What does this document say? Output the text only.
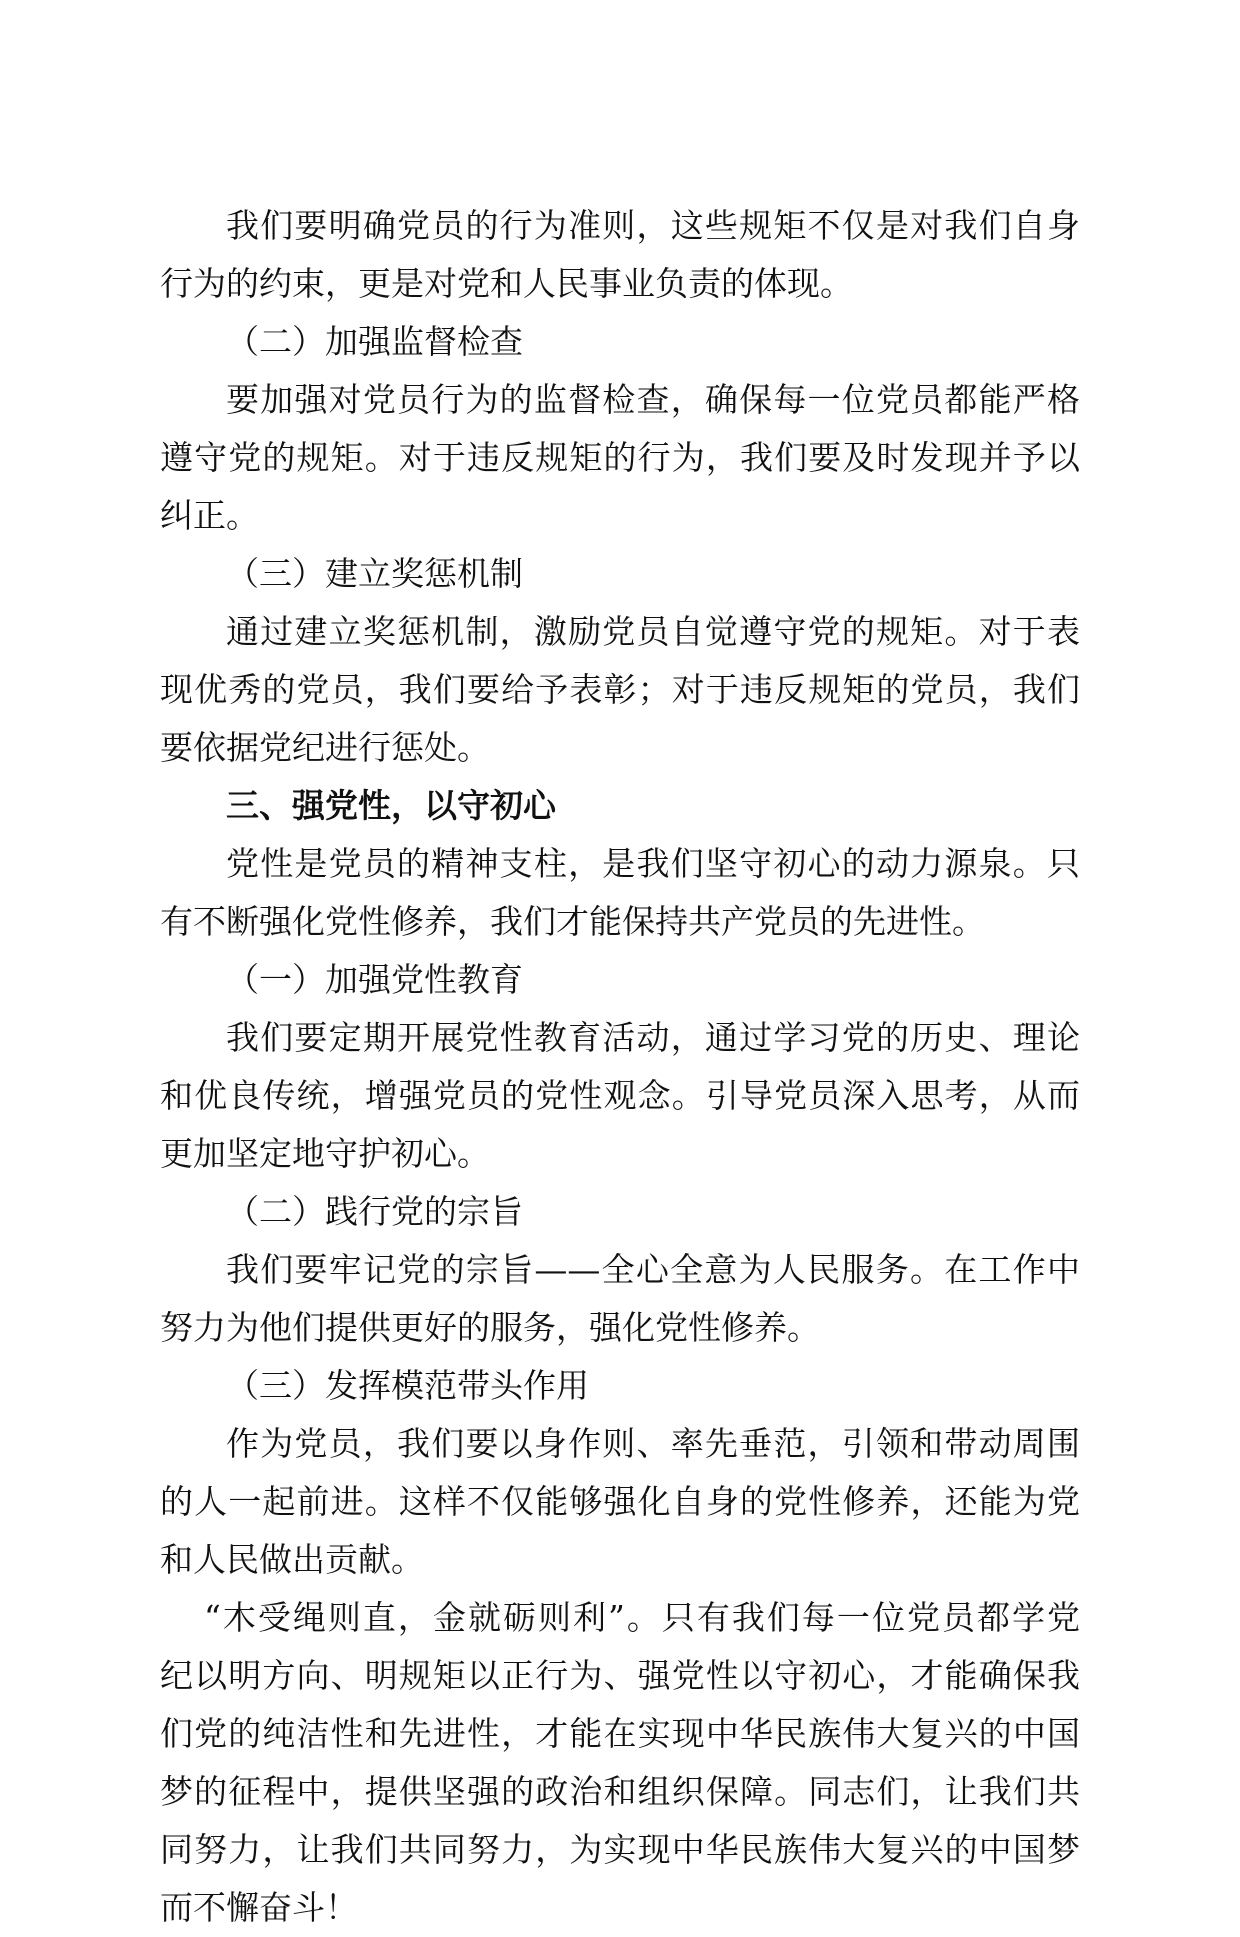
我们要明确党员的行为准则，这些规矩不仅是对我们自身
行为的约束，更是对党和人民事业负责的体现。
（二）加强监督检查
要加强对党员行为的监督检查，确保每一位党员都能严格
遵守党的规矩。对于违反规矩的行为，我们要及时发现并予以
纠正。
（三）建立奖惩机制
通过建立奖惩机制，激励党员自觉遵守党的规矩。对于表
现优秀的党员，我们要给予表彰；对于违反规矩的党员，我们
要依据党纪进行惩处。
三、强党性，以守初心
党性是党员的精神支柱，是我们坚守初心的动力源泉。只
有不断强化党性修养，我们才能保持共产党员的先进性。
（一）加强党性教育
我们要定期开展党性教育活动，通过学习党的历史、理论
和优良传统，增强党员的党性观念。引导党员深入思考，从而
更加坚定地守护初心。
（二）践行党的宗旨
我们要牢记党的宗旨——全心全意为人民服务。在工作中
努力为他们提供更好的服务，强化党性修养。
（三）发挥模范带头作用
作为党员，我们要以身作则、率先垂范，引领和带动周围
的人一起前进。这样不仅能够强化自身的党性修养，还能为党
和人民做出贡献。
“木受绳则直，金就砺则利”。只有我们每一位党员都学党
纪以明方向、明规矩以正行为、强党性以守初心，才能确保我
们党的纯洁性和先进性，才能在实现中华民族伟大复兴的中国
梦的征程中，提供坚强的政治和组织保障。同志们，让我们共
同努力，让我们共同努力，为实现中华民族伟大复兴的中国梦
而不懈奋斗！
